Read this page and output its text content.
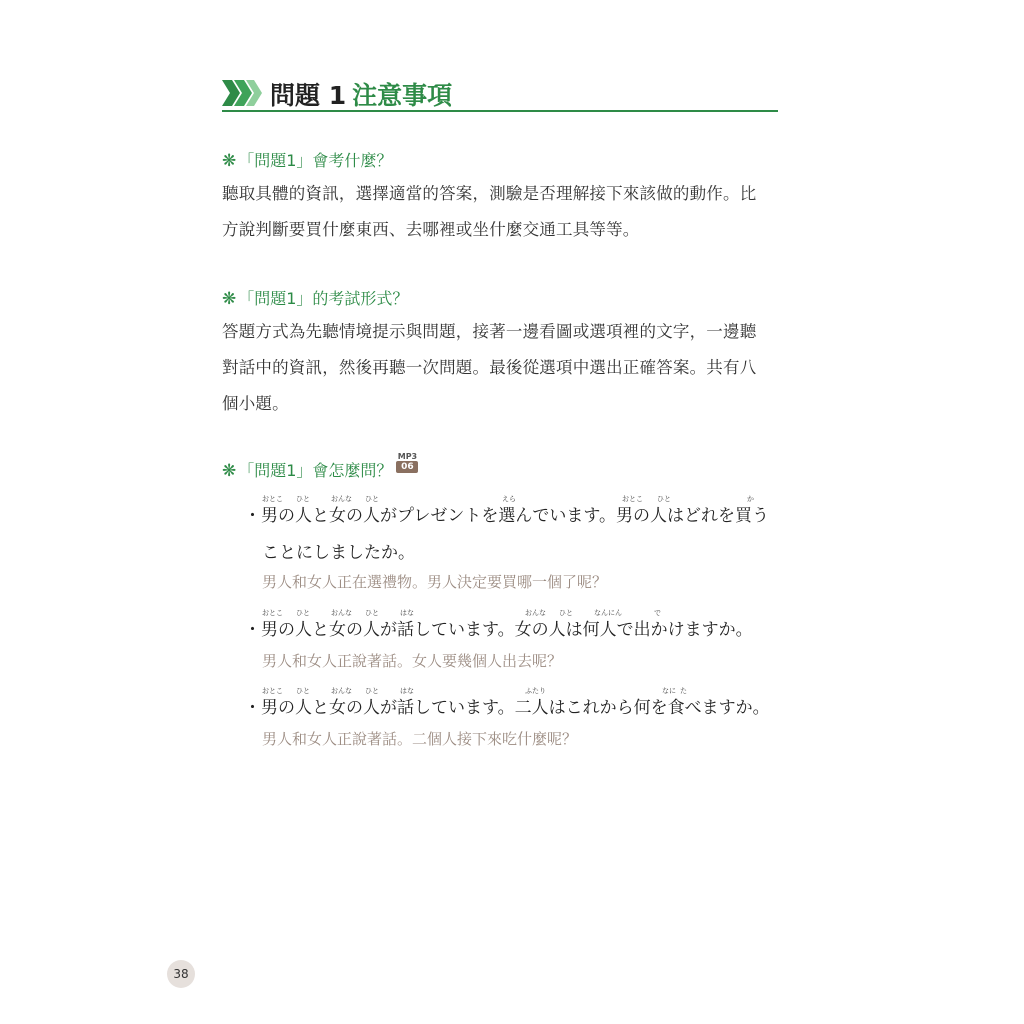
問題 1 注意事項
❋ 「問題1」會考什麼？
聽取具體的資訊，選擇適當的答案，測驗是否理解接下來該做的動作。比
方說判斷要買什麼東西、去哪裡或坐什麼交通工具等等。
❋ 「問題1」的考試形式？
答題方式為先聽情境提示與問題，接著一邊看圖或選項裡的文字，一邊聽
對話中的資訊，然後再聽一次問題。最後從選項中選出正確答案。共有八
個小題。
❋ 「問題1」會怎麼問？
MP3
06
おとこ ひと	おんな ひと	えら	おとこ ひと	か
・男の人と女の人がプレゼントを選んでいます。男の人はどれを買う
ことにしましたか。
男人和女人正在選禮物。男人決定要買哪一個了呢？
おとこ ひと	おんな ひと	はな	おんな ひと	なんにん	で
・男の人と女の人が話しています。女の人は何人で出かけますか。
男人和女人正說著話。女人要幾個人出去呢？
おとこ ひと	おんな ひと	はな	ふたり	なに た
・男の人と女の人が話しています。二人はこれから何を食べますか。
男人和女人正說著話。二個人接下來吃什麼呢？
38
